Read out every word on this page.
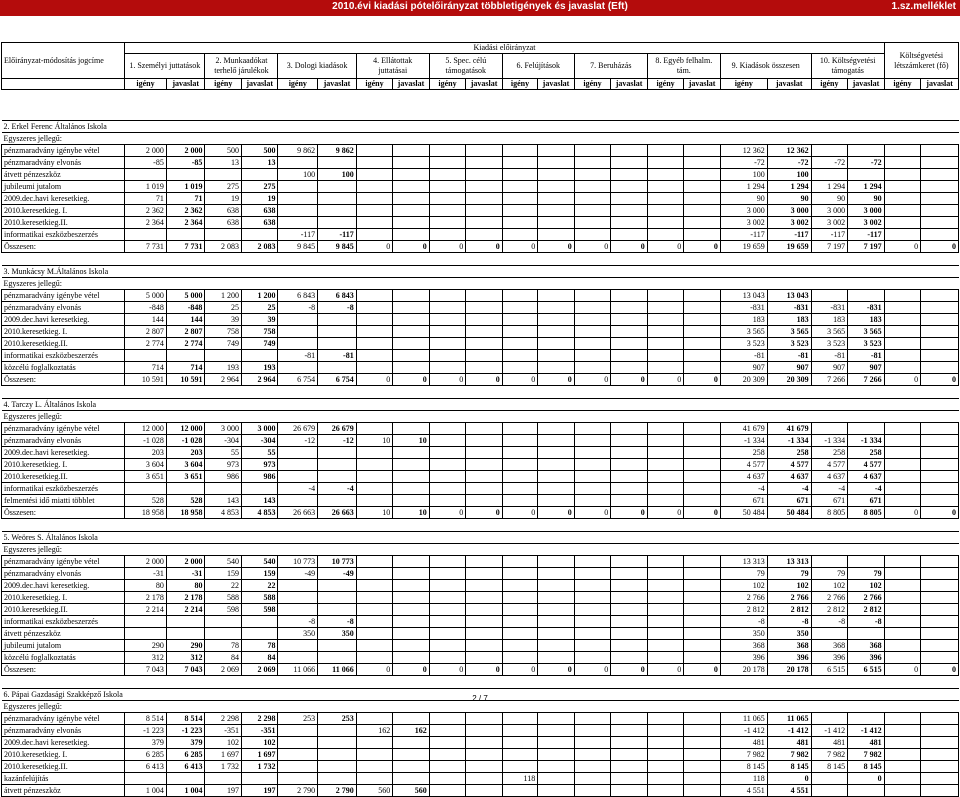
2010.évi kiadási pótelőirányzat többletigények és javaslat (Eft)	1.sz.melléklet
Előirányzat-módosítás jogcíme	Kiadási előirányzat																				Költségvetési létszámkeret (fő)	
	1. Személyi juttatások		2. Munkaadókat terhelő járulékok		3. Dologi kiadások		4. Ellátottak juttatásai		5. Spec. célú támogatások		6. Felújítások		7. Beruházás		8. Egyéb felhalm. tám.		9. Kiadások összesen		10. Költségvetési támogatás			
	igény	javaslat	igény	javaslat	igény	javaslat	igény	javaslat	igény	javaslat	igény	javaslat	igény	javaslat	igény	javaslat	igény	javaslat	igény	javaslat	igény	javaslat
2. Erkel Ferenc Általános Iskola																						
Egyszeres jellegű:																						
pénzmaradvány igénybe vétel	2 000	2 000	500	500	9 862	9 862											12 362	12 362				
pénzmaradvány elvonás	-85	-85	13	13													-72	-72	-72	-72		
átvett pénzeszköz					100	100											100	100				
jubileumi jutalom	1 019	1 019	275	275													1 294	1 294	1 294	1 294		
2009.dec.havi keresetkieg.	71	71	19	19													90	90	90	90		
2010.keresetkieg. I.	2 362	2 362	638	638													3 000	3 000	3 000	3 000		
2010.keresetkieg.II.	2 364	2 364	638	638													3 002	3 002	3 002	3 002		
informatikai eszközbeszerzés					-117	-117											-117	-117	-117	-117		
Összesen:	7 731	7 731	2 083	2 083	9 845	9 845	0	0	0	0	0	0	0	0	0	0	19 659	19 659	7 197	7 197	0	0

3. Munkácsy M.Általános Iskola																						
Egyszeres jellegű:																						
pénzmaradvány igénybe vétel	5 000	5 000	1 200	1 200	6 843	6 843											13 043	13 043				
pénzmaradvány elvonás	-848	-848	25	25	-8	-8											-831	-831	-831	-831		
2009.dec.havi keresetkieg.	144	144	39	39													183	183	183	183		
2010.keresetkieg. I.	2 807	2 807	758	758													3 565	3 565	3 565	3 565		
2010.keresetkieg.II.	2 774	2 774	749	749													3 523	3 523	3 523	3 523		
informatikai eszközbeszerzés					-81	-81											-81	-81	-81	-81		
közcélú foglalkoztatás	714	714	193	193													907	907	907	907		
Összesen:	10 591	10 591	2 964	2 964	6 754	6 754	0	0	0	0	0	0	0	0	0	0	20 309	20 309	7 266	7 266	0	0

4. Tarczy L. Általános Iskola																						
Egyszeres jellegű:																						
pénzmaradvány igénybe vétel	12 000	12 000	3 000	3 000	26 679	26 679											41 679	41 679				
pénzmaradvány elvonás	-1 028	-1 028	-304	-304	-12	-12	10	10									-1 334	-1 334	-1 334	-1 334		
2009.dec.havi keresetkieg.	203	203	55	55													258	258	258	258		
2010.keresetkieg. I.	3 604	3 604	973	973													4 577	4 577	4 577	4 577		
2010.keresetkieg.II.	3 651	3 651	986	986													4 637	4 637	4 637	4 637		
informatikai eszközbeszerzés					-4	-4											-4	-4	-4	-4		
felmentési idő miatti többlet	528	528	143	143													671	671	671	671		
Összesen:	18 958	18 958	4 853	4 853	26 663	26 663	10	10	0	0	0	0	0	0	0	0	50 484	50 484	8 805	8 805	0	0

5. Weöres S. Általános Iskola																						
Egyszeres jellegű:																						
pénzmaradvány igénybe vétel	2 000	2 000	540	540	10 773	10 773											13 313	13 313				
pénzmaradvány elvonás	-31	-31	159	159	-49	-49											79	79	79	79		
2009.dec.havi keresetkieg.	80	80	22	22													102	102	102	102		
2010.keresetkieg. I.	2 178	2 178	588	588													2 766	2 766	2 766	2 766		
2010.keresetkieg.II.	2 214	2 214	598	598													2 812	2 812	2 812	2 812		
informatikai eszközbeszerzés					-8	-8											-8	-8	-8	-8		
átvett pénzeszköz					350	350											350	350				
jubileumi jutalom	290	290	78	78													368	368	368	368		
közcélú foglalkoztatás	312	312	84	84													396	396	396	396		
Összesen:	7 043	7 043	2 069	2 069	11 066	11 066	0	0	0	0	0	0	0	0	0	0	20 178	20 178	6 515	6 515	0	0

6. Pápai Gazdasági Szakképző Iskola																						
Egyszeres jellegű:																						
pénzmaradvány igénybe vétel	8 514	8 514	2 298	2 298	253	253											11 065	11 065				
pénzmaradvány elvonás	-1 223	-1 223	-351	-351			162	162									-1 412	-1 412	-1 412	-1 412		
2009.dec.havi keresetkieg.	379	379	102	102													481	481	481	481		
2010.keresetkieg. I.	6 285	6 285	1 697	1 697													7 982	7 982	7 982	7 982		
2010.keresetkieg.II.	6 413	6 413	1 732	1 732													8 145	8 145	8 145	8 145		
kazánfelújítás											118						118	0		0		
átvett pénzeszköz	1 004	1 004	197	197	2 790	2 790	560	560									4 551	4 551				
2 / 7
